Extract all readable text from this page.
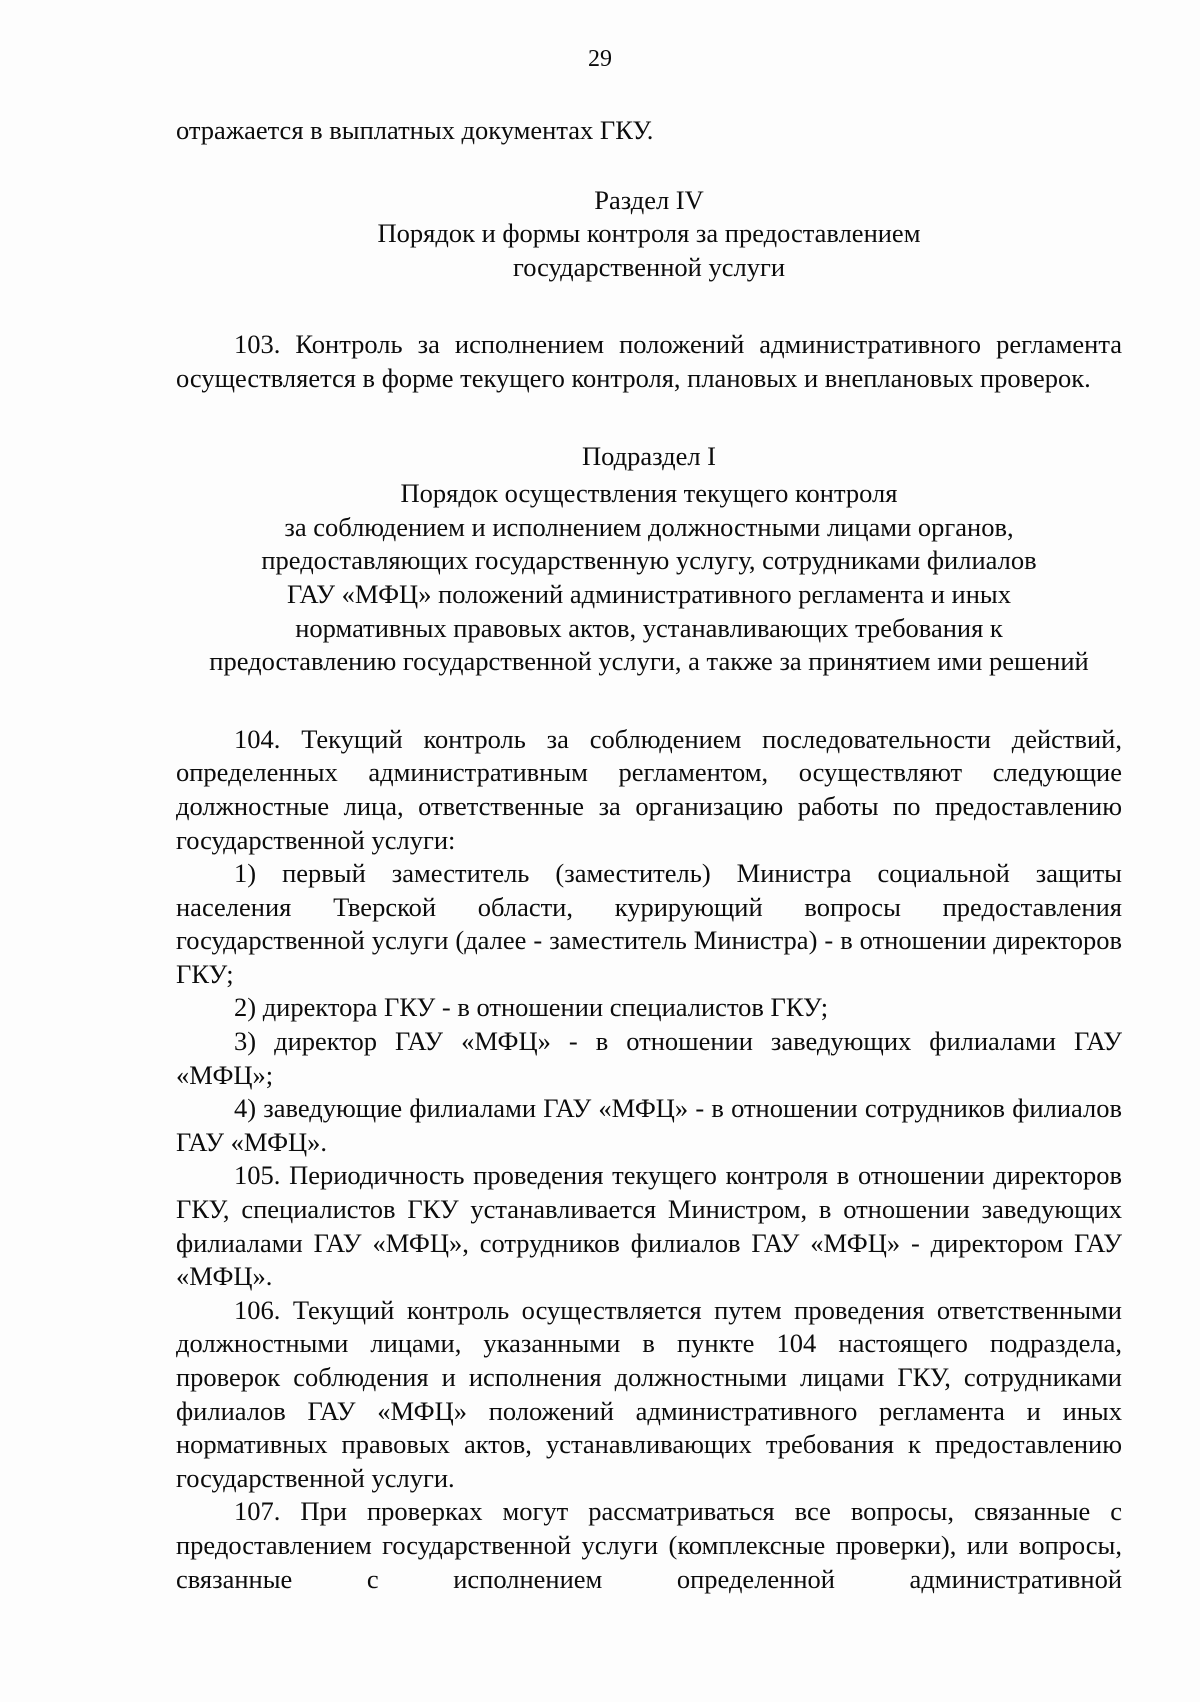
29

отражается в выплатных документах ГКУ.

Раздел IV
Порядок и формы контроля за предоставлением
государственной услуги

103. Контроль за исполнением положений административного регламента осуществляется в форме текущего контроля, плановых и внеплановых проверок.

Подраздел I
Порядок осуществления текущего контроля
за соблюдением и исполнением должностными лицами органов,
предоставляющих государственную услугу, сотрудниками филиалов
ГАУ «МФЦ» положений административного регламента и иных
нормативных правовых актов, устанавливающих требования к
предоставлению государственной услуги, а также за принятием ими решений

104. Текущий контроль за соблюдением последовательности действий, определенных административным регламентом, осуществляют следующие должностные лица, ответственные за организацию работы по предоставлению государственной услуги:

1) первый заместитель (заместитель) Министра социальной защиты населения Тверской области, курирующий вопросы предоставления государственной услуги (далее - заместитель Министра) - в отношении директоров ГКУ;
2) директора ГКУ - в отношении специалистов ГКУ;
3) директор ГАУ «МФЦ» - в отношении заведующих филиалами ГАУ «МФЦ»;
4) заведующие филиалами ГАУ «МФЦ» - в отношении сотрудников филиалов ГАУ «МФЦ».

105. Периодичность проведения текущего контроля в отношении директоров ГКУ, специалистов ГКУ устанавливается Министром, в отношении заведующих филиалами ГАУ «МФЦ», сотрудников филиалов ГАУ «МФЦ» - директором ГАУ «МФЦ».

106. Текущий контроль осуществляется путем проведения ответственными должностными лицами, указанными в пункте 104 настоящего подраздела, проверок соблюдения и исполнения должностными лицами ГКУ, сотрудниками филиалов ГАУ «МФЦ» положений административного регламента и иных нормативных правовых актов, устанавливающих требования к предоставлению государственной услуги.

107. При проверках могут рассматриваться все вопросы, связанные с предоставлением государственной услуги (комплексные проверки), или вопросы, связанные с исполнением определенной административной
